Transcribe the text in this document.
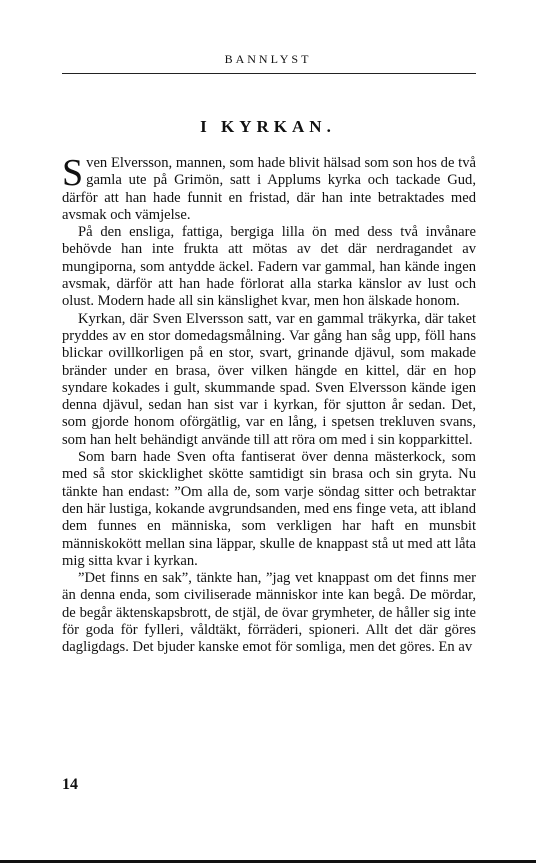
BANNLYST
I KYRKAN.

Sven Elversson, mannen, som hade blivit hälsad som son hos de två gamla ute på Grimön, satt i Applums kyrka och tackade Gud, därför att han hade funnit en fristad, där han inte betraktades med avsmak och vämjelse.

På den ensliga, fattiga, bergiga lilla ön med dess två invånare behövde han inte frukta att mötas av det där nerdragandet av mungiporna, som antydde äckel. Fadern var gammal, han kände ingen avsmak, därför att han hade förlorat alla starka känslor av lust och olust. Modern hade all sin känslighet kvar, men hon älskade honom.

Kyrkan, där Sven Elversson satt, var en gammal träkyrka, där taket pryddes av en stor domedagsmålning. Var gång han såg upp, föll hans blickar ovillkorligen på en stor, svart, grinande djävul, som makade bränder under en brasa, över vilken hängde en kittel, där en hop syndare kokades i gult, skummande spad. Sven Elversson kände igen denna djävul, sedan han sist var i kyrkan, för sjutton år sedan. Det, som gjorde honom oförgätlig, var en lång, i spetsen trekluven svans, som han helt behändigt använde till att röra om med i sin kopparkittel.

Som barn hade Sven ofta fantiserat över denna mästerkock, som med så stor skicklighet skötte samtidigt sin brasa och sin gryta. Nu tänkte han endast: ”Om alla de, som varje söndag sitter och betraktar den här lustiga, kokande avgrundsanden, med ens finge veta, att ibland dem funnes en människa, som verkligen har haft en munsbit människokött mellan sina läppar, skulle de knappast stå ut med att låta mig sitta kvar i kyrkan.

”Det finns en sak”, tänkte han, ”jag vet knappast om det finns mer än denna enda, som civiliserade människor inte kan begå. De mördar, de begår äktenskapsbrott, de stjäl, de övar grymheter, de håller sig inte för goda för fylleri, våldtäkt, förräderi, spioneri. Allt det där göres dagligdags. Det bjuder kanske emot för somliga, men det göres. En av

14
